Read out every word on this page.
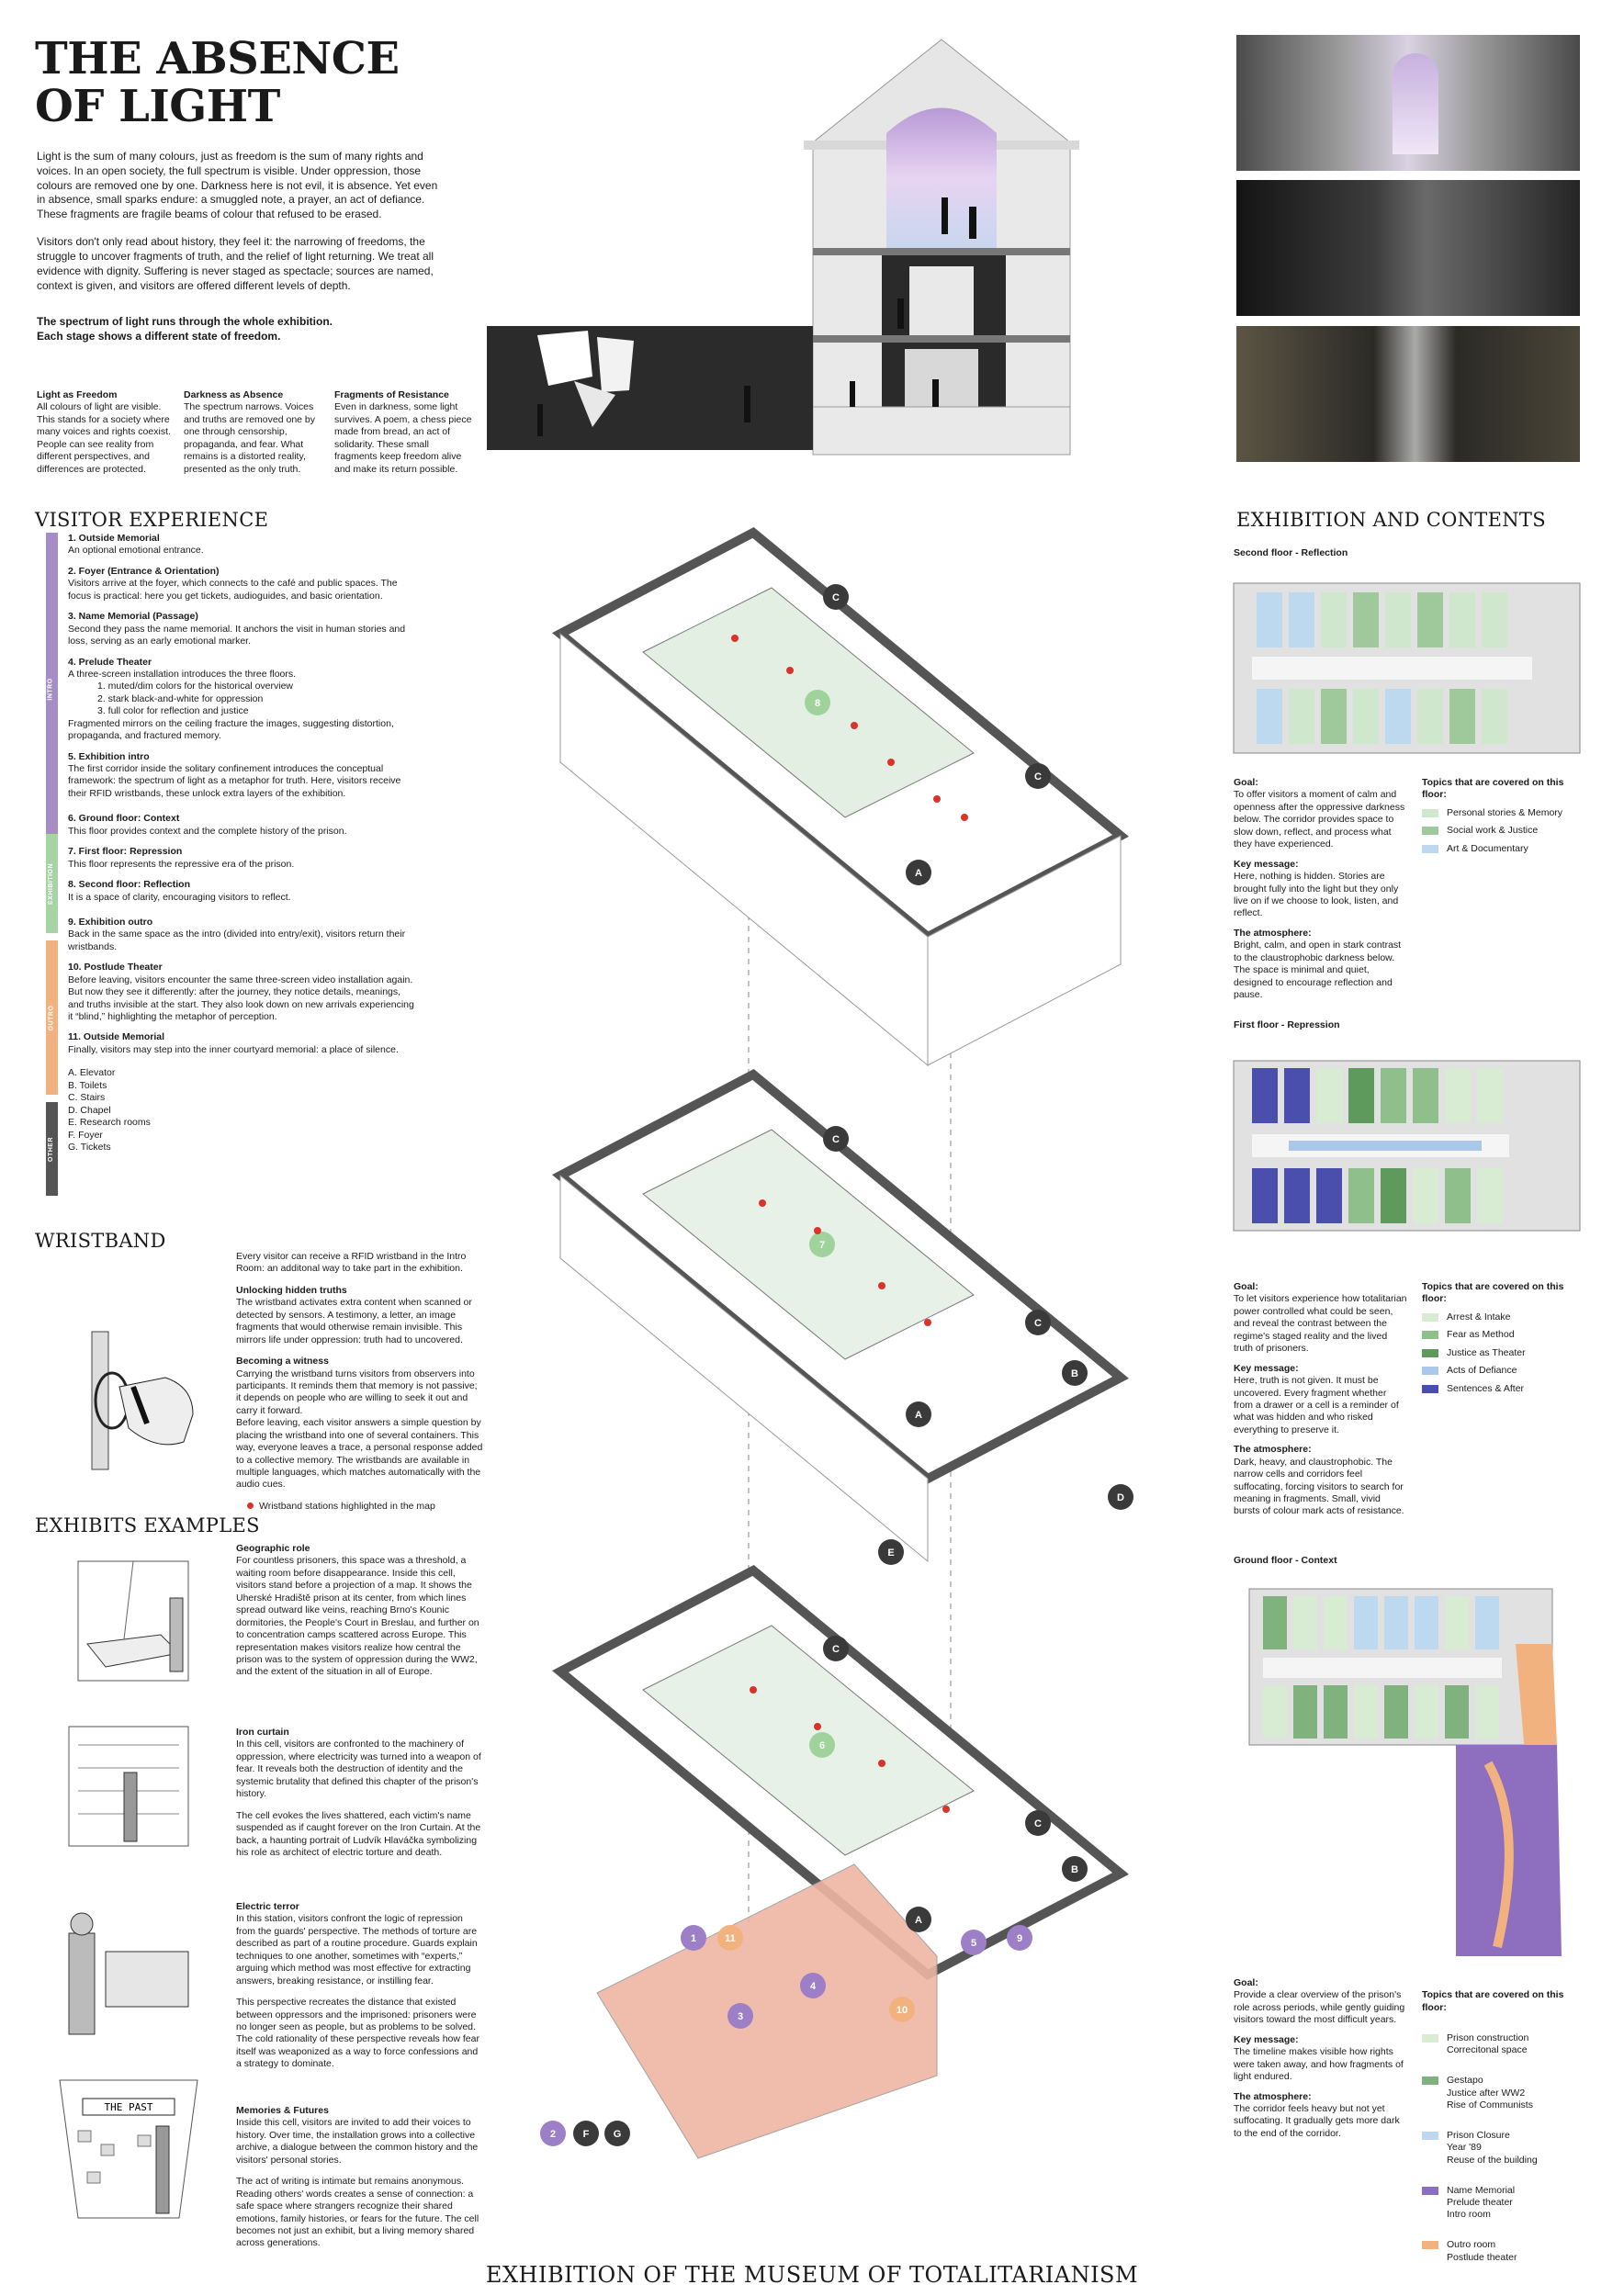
THE ABSENCE
OF LIGHT

Light is the sum of many colours, just as freedom is the sum of many rights and voices. In an open society, the full spectrum is visible. Under oppression, those colours are removed one by one. Darkness here is not evil, it is absence. Yet even in absence, small sparks endure: a smuggled note, a prayer, an act of defiance. These fragments are fragile beams of colour that refused to be erased.

Visitors don't only read about history, they feel it: the narrowing of freedoms, the struggle to uncover fragments of truth, and the relief of light returning. We treat all evidence with dignity. Suffering is never staged as spectacle; sources are named, context is given, and visitors are offered different levels of depth.

The spectrum of light runs through the whole exhibition.

Each stage shows a different state of freedom.

Light as Freedom
All colours of light are visible. This stands for a society where many voices and rights coexist. People can see reality from different perspectives, and differences are protected.
Darkness as Absence
The spectrum narrows. Voices and truths are removed one by one through censorship, propaganda, and fear. What remains is a distorted reality, presented as the only truth.
Fragments of Resistance
Even in darkness, some light survives. A poem, a chess piece made from bread, an act of solidarity. These small fragments keep freedom alive and make its return possible.
VISITOR EXPERIENCE
INTRO
EXHIBITION
OUTRO
OTHER
1. Outside Memorial
An optional emotional entrance.
2. Foyer (Entrance & Orientation)
Visitors arrive at the foyer, which connects to the café and public spaces. The focus is practical: here you get tickets, audioguides, and basic orientation.
3. Name Memorial (Passage)
Second they pass the name memorial. It anchors the visit in human stories and loss, serving as an early emotional marker.
4. Prelude Theater
A three-screen installation introduces the three floors.
1. muted/dim colors for the historical overview
2. stark black-and-white for oppression
3. full color for reflection and justice
Fragmented mirrors on the ceiling fracture the images, suggesting distortion, propaganda, and fractured memory.
5. Exhibition intro
The first corridor inside the solitary confinement introduces the conceptual framework: the spectrum of light as a metaphor for truth. Here, visitors receive their RFID wristbands, these unlock extra layers of the exhibition.
6. Ground floor: Context
This floor provides context and the complete history of the prison.
7. First floor: Repression
This floor represents the repressive era of the prison.
8. Second floor: Reflection
It is a space of clarity, encouraging visitors to reflect.
9. Exhibition outro
Back in the same space as the intro (divided into entry/exit), visitors return their wristbands.
10. Postlude Theater
Before leaving, visitors encounter the same three-screen video installation again. But now they see it differently: after the journey, they notice details, meanings, and truths invisible at the start. They also look down on new arrivals experiencing it “blind,” highlighting the metaphor of perception.
11. Outside Memorial
Finally, visitors may step into the inner courtyard memorial: a place of silence.
A. Elevator
B. Toilets
C. Stairs
D. Chapel
E. Research rooms
F. Foyer
G. Tickets
WRISTBAND

Every visitor can receive a RFID wristband in the Intro Room: an additonal way to take part in the exhibition.

Unlocking hidden truths

The wristband activates extra content when scanned or detected by sensors. A testimony, a letter, an image fragments that would otherwise remain invisible. This mirrors life under oppression: truth had to uncovered.

Becoming a witness

Carrying the wristband turns visitors from observers into participants. It reminds them that memory is not passive; it depends on people who are willing to seek it out and carry it forward.

Before leaving, each visitor answers a simple question by placing the wristband into one of several containers. This way, everyone leaves a trace, a personal response added to a collective memory. The wristbands are available in multiple languages, which matches automatically with the audio cues.

Wristband stations highlighted in the map

EXHIBITS EXAMPLES
THE PAST
Geographic role
For countless prisoners, this space was a threshold, a waiting room before disappearance. Inside this cell, visitors stand before a projection of a map. It shows the Uherské Hradiště prison at its center, from which lines spread outward like veins, reaching Brno's Kounic dormitories, the People's Court in Breslau, and further on to concentration camps scattered across Europe. This representation makes visitors realize how central the prison was to the system of oppression during the WW2, and the extent of the situation in all of Europe.
Iron curtain
In this cell, visitors are confronted to the machinery of oppression, where electricity was turned into a weapon of fear. It reveals both the destruction of identity and the systemic brutality that defined this chapter of the prison's history.
The cell evokes the lives shattered, each victim's name suspended as if caught forever on the Iron Curtain. At the back, a haunting portrait of Ludvík Hlaváčka symbolizing his role as architect of electric torture and death.
Electric terror
In this station, visitors confront the logic of repression from the guards' perspective. The methods of torture are described as part of a routine procedure. Guards explain techniques to one another, sometimes with “experts,” arguing which method was most effective for extracting answers, breaking resistance, or instilling fear.
This perspective recreates the distance that existed between oppressors and the imprisoned: prisoners were no longer seen as people, but as problems to be solved. The cold rationality of these perspective reveals how fear itself was weaponized as a way to force confessions and a strategy to dominate.
Memories & Futures
Inside this cell, visitors are invited to add their voices to history. Over time, the installation grows into a collective archive, a dialogue between the common history and the visitors' personal stories.
The act of writing is intimate but remains anonymous. Reading others' words creates a sense of connection: a safe space where strangers recognize their shared emotions, family histories, or fears for the future. The cell becomes not just an exhibit, but a living memory shared across generations.
C
8
C
A
C
7
C
B
A
D
E
C
6
C
B
A
1	11
4
3
10
5	9
2	F G
EXHIBITION AND CONTENTS
Second floor - Reflection
Goal:
To offer visitors a moment of calm and openness after the oppressive darkness below. The corridor provides space to slow down, reflect, and process what they have experienced.
Key message:
Here, nothing is hidden. Stories are brought fully into the light but they only live on if we choose to look, listen, and reflect.
The atmosphere:
Bright, calm, and open in stark contrast to the claustrophobic darkness below. The space is minimal and quiet, designed to encourage reflection and pause.
Topics that are covered on this floor:
Personal stories & Memory
Social work & Justice
Art & Documentary
First floor - Repression
Goal:
To let visitors experience how totalitarian power controlled what could be seen, and reveal the contrast between the regime's staged reality and the lived truth of prisoners.
Key message:
Here, truth is not given. It must be uncovered. Every fragment whether from a drawer or a cell is a reminder of what was hidden and who risked everything to preserve it.
The atmosphere:
Dark, heavy, and claustrophobic. The narrow cells and corridors feel suffocating, forcing visitors to search for meaning in fragments. Small, vivid bursts of colour mark acts of resistance.
Topics that are covered on this floor:
Arrest & Intake
Fear as Method
Justice as Theater
Acts of Defiance
Sentences & After
Ground floor - Context
Goal:
Provide a clear overview of the prison's role across periods, while gently guiding visitors toward the most difficult years.
Key message:
The timeline makes visible how rights were taken away, and how fragments of light endured.
The atmosphere:
The corridor feels heavy but not yet suffocating. It gradually gets more dark to the end of the corridor.

Topics that are covered on this floor:

Prison construction
Correcitonal space

Gestapo
Justice after WW2
Rise of Communists

Prison Closure
Year '89
Reuse of the building

Name Memorial
Prelude theater
Intro room

Outro room
Postlude theater

EXHIBITION OF THE MUSEUM OF TOTALITARIANISM
